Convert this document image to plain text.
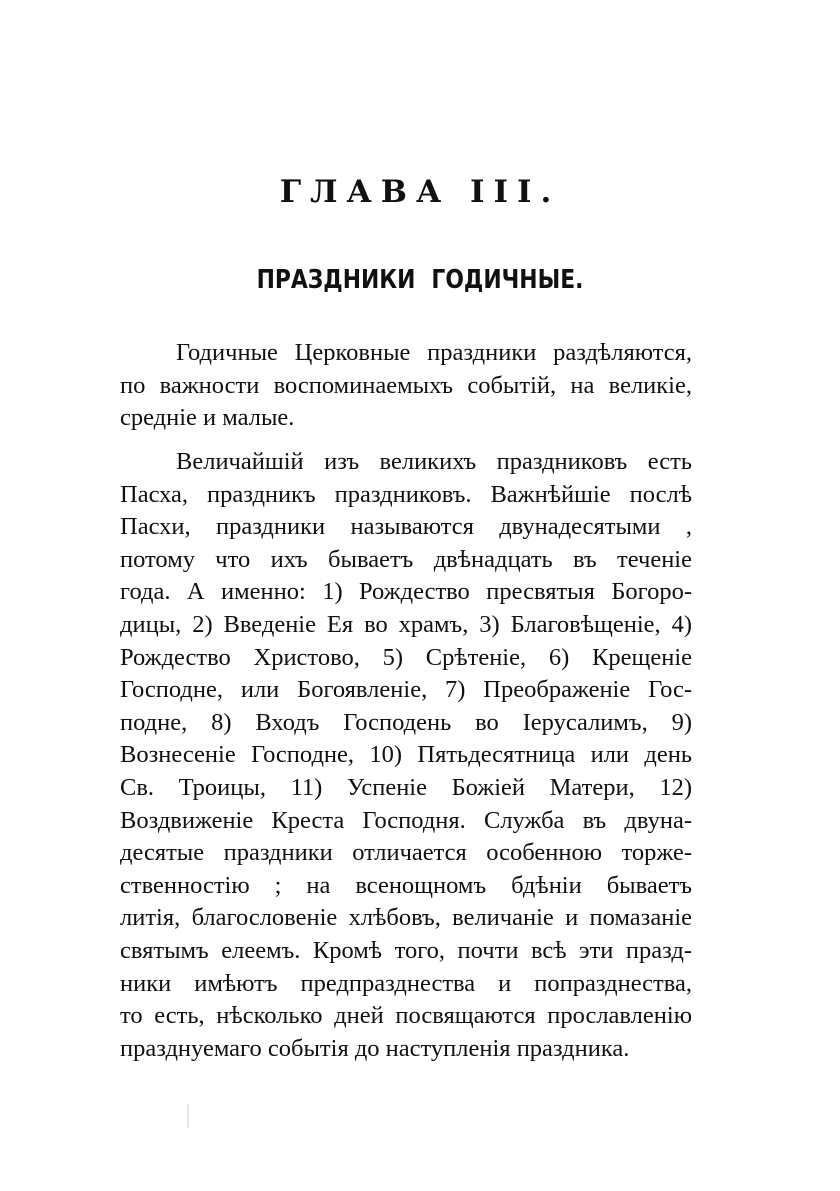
ГЛАВА III.
ПРАЗДНИКИ ГОДИЧНЫЕ.
Годичные Церковные праздники раздѣляются,
по важности воспоминаемыхъ событій, на великіе,
средніе и малые.
Величайшій изъ великихъ праздниковъ есть
Пасха, праздникъ праздниковъ. Важнѣйшіе послѣ
Пасхи, праздники называются двунадесятыми ,
потому что ихъ бываетъ двѣнадцать въ теченіе
года. А именно: 1) Рождество пресвятыя Богоро-
дицы, 2) Введеніе Ея во храмъ, 3) Благовѣщеніе, 4)
Рождество Христово, 5) Срѣтеніе, 6) Крещеніе
Господне, или Богоявленіе, 7) Преображеніе Гос-
подне, 8) Входъ Господень во Іерусалимъ, 9)
Вознесеніе Господне, 10) Пятьдесятница или день
Св. Троицы, 11) Успеніе Божіей Матери, 12)
Воздвиженіе Креста Господня. Служба въ двуна-
десятые праздники отличается особенною торже-
ственностію ; на всенощномъ бдѣніи бываетъ
литія, благословеніе хлѣбовъ, величаніе и помазаніе
святымъ елеемъ. Кромѣ того, почти всѣ эти празд-
ники имѣютъ предпразднества и попразднества,
то есть, нѣсколько дней посвящаются прославленію
празднуемаго событія до наступленія праздника.
